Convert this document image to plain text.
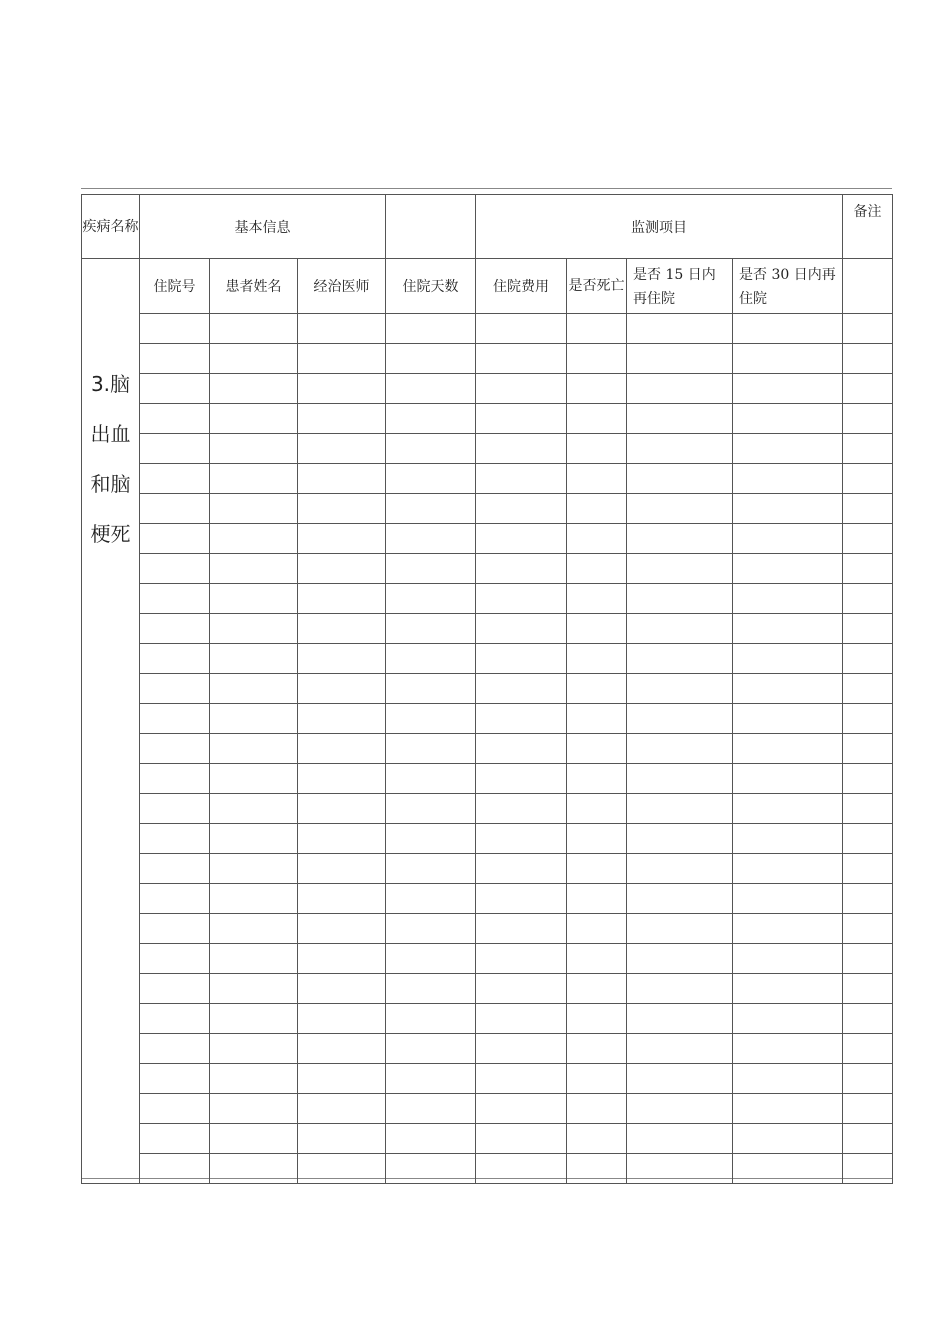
疾病名称	基本信息				监测项目				备注

3.脑出血和脑梗死	住院号	患者姓名	经治医师	住院天数	住院费用	是否死亡	是否 15 日内再住院	是否 30 日内再住院	
